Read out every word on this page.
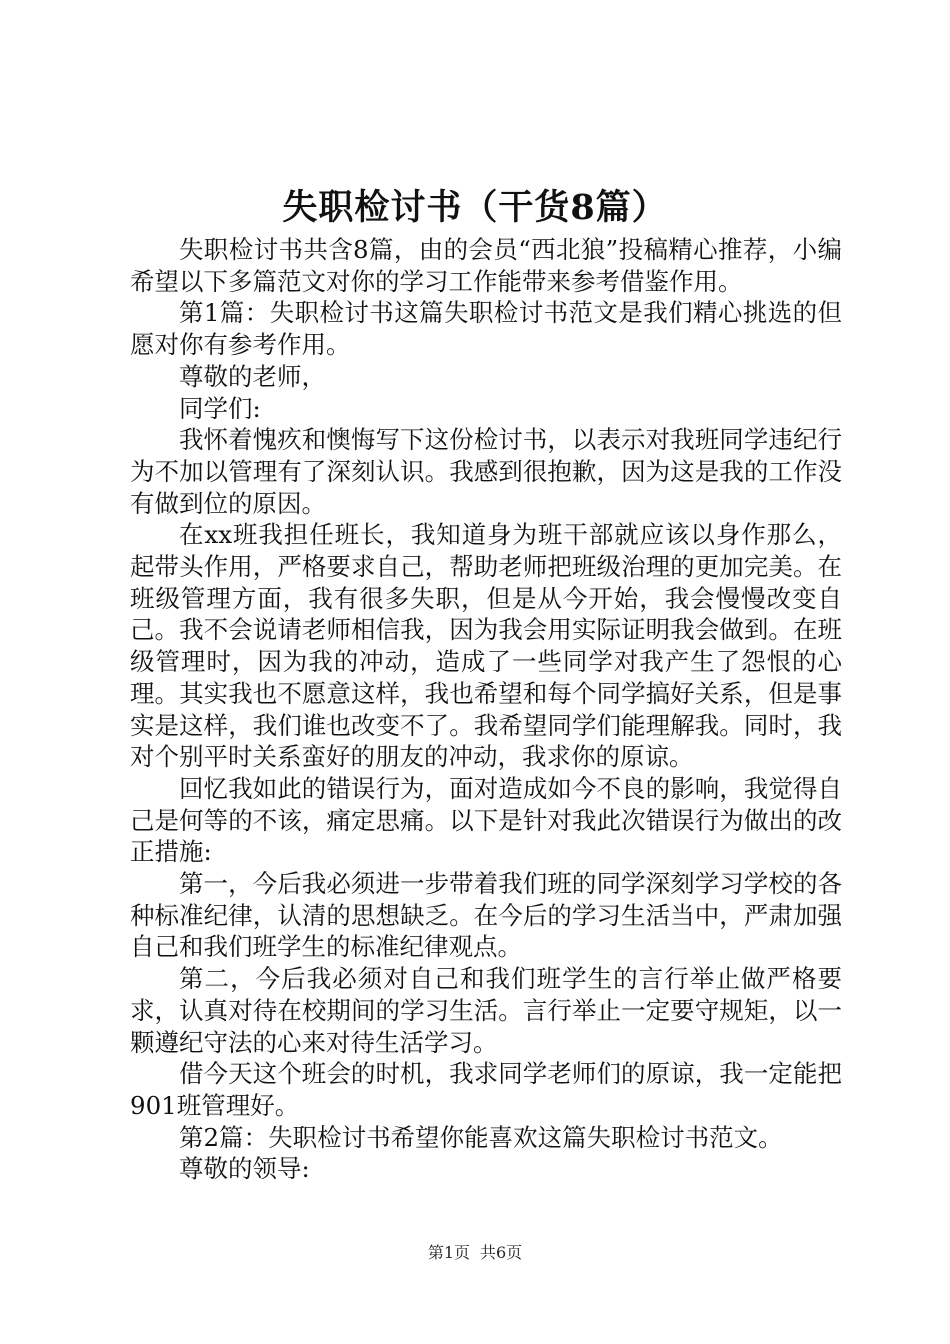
失职检讨书（干货8篇）

失职检讨书共含8篇，由的会员“西北狼”投稿精心推荐，小编希望以下多篇范文对你的学习工作能带来参考借鉴作用。

第1篇：失职检讨书这篇失职检讨书范文是我们精心挑选的但愿对你有参考作用。

尊敬的老师，

同学们:

我怀着愧疚和懊悔写下这份检讨书，以表示对我班同学违纪行为不加以管理有了深刻认识。我感到很抱歉，因为这是我的工作没有做到位的原因。

在xx班我担任班长，我知道身为班干部就应该以身作那么，起带头作用，严格要求自己，帮助老师把班级治理的更加完美。在班级管理方面，我有很多失职，但是从今开始，我会慢慢改变自己。我不会说请老师相信我，因为我会用实际证明我会做到。在班级管理时，因为我的冲动，造成了一些同学对我产生了怨恨的心理。其实我也不愿意这样，我也希望和每个同学搞好关系，但是事实是这样，我们谁也改变不了。我希望同学们能理解我。同时，我对个别平时关系蛮好的朋友的冲动，我求你的原谅。

回忆我如此的错误行为，面对造成如今不良的影响，我觉得自己是何等的不该，痛定思痛。以下是针对我此次错误行为做出的改正措施:

第一，今后我必须进一步带着我们班的同学深刻学习学校的各种标准纪律，认清的思想缺乏。在今后的学习生活当中，严肃加强自己和我们班学生的标准纪律观点。

第二，今后我必须对自己和我们班学生的言行举止做严格要求，认真对待在校期间的学习生活。言行举止一定要守规矩，以一颗遵纪守法的心来对待生活学习。

借今天这个班会的时机，我求同学老师们的原谅，我一定能把901班管理好。

第2篇：失职检讨书希望你能喜欢这篇失职检讨书范文。

尊敬的领导:

第1页 共6页
